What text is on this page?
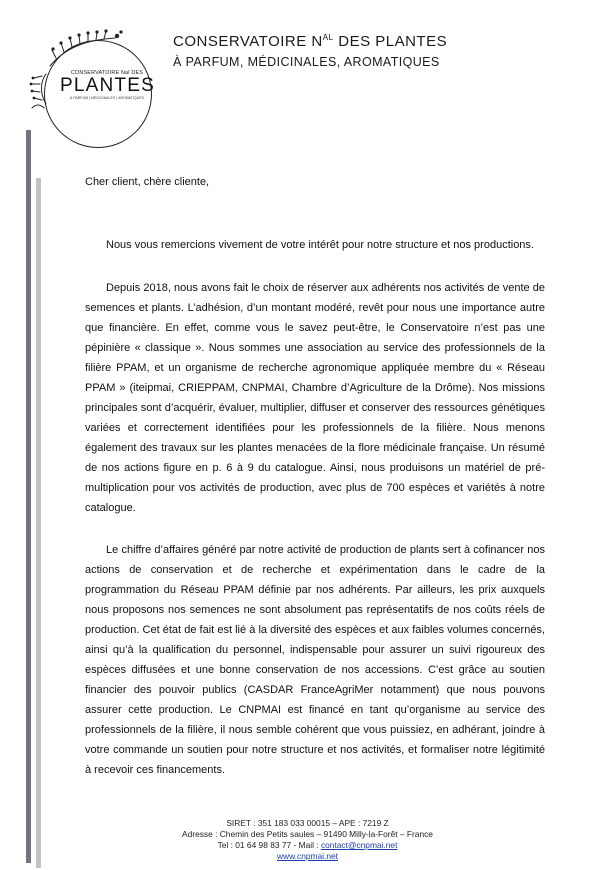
CONSERVATOIRE Nal DES
PLANTES
À PARFUM | MÉDICINALES | AROMATIQUES
CONSERVATOIRE $N^{AL}$ DES PLANTES
À PARFUM, MÉDICINALES, AROMATIQUES

Cher client, chère cliente,

Nous vous remercions vivement de votre intérêt pour notre structure et nos productions.

Depuis 2018, nous avons fait le choix de réserver aux adhérents nos activités de vente de semences et plants. L’adhésion, d’un montant modéré, revêt pour nous une importance autre que financière. En effet, comme vous le savez peut-être, le Conservatoire n’est pas une pépinière « classique ». Nous sommes une association au service des professionnels de la filière PPAM, et un organisme de recherche agronomique appliquée membre du « Réseau PPAM » (iteipmai, CRIEPPAM, CNPMAI, Chambre d’Agriculture de la Drôme). Nos missions principales sont d’acquérir, évaluer, multiplier, diffuser et conserver des ressources génétiques variées et correctement identifiées pour les professionnels de la filière. Nous menons également des travaux sur les plantes menacées de la flore médicinale française. Un résumé de nos actions figure en p. 6 à 9 du catalogue. Ainsi, nous produisons un matériel de pré-multiplication pour vos activités de production, avec plus de 700 espèces et variétés à notre catalogue.

Le chiffre d’affaires généré par notre activité de production de plants sert à cofinancer nos actions de conservation et de recherche et expérimentation dans le cadre de la programmation du Réseau PPAM définie par nos adhérents. Par ailleurs, les prix auxquels nous proposons nos semences ne sont absolument pas représentatifs de nos coûts réels de production. Cet état de fait est lié à la diversité des espèces et aux faibles volumes concernés, ainsi qu’à la qualification du personnel, indispensable pour assurer un suivi rigoureux des espèces diffusées et une bonne conservation de nos accessions. C’est grâce au soutien financier des pouvoir publics (CASDAR FranceAgriMer notamment) que nous pouvons assurer cette production. Le CNPMAI est financé en tant qu’organisme au service des professionnels de la filière, il nous semble cohérent que vous puissiez, en adhérant, joindre à votre commande un soutien pour notre structure et nos activités, et formaliser notre légitimité à recevoir ces financements.

SIRET : 351 183 033 00015 – APE : 7219 Z
Adresse : Chemin des Petits saules – 91490 Milly-la-Forêt – France
Tel : 01 64 98 83 77 - Mail : contact@cnpmai.net
www.cnpmai.net
